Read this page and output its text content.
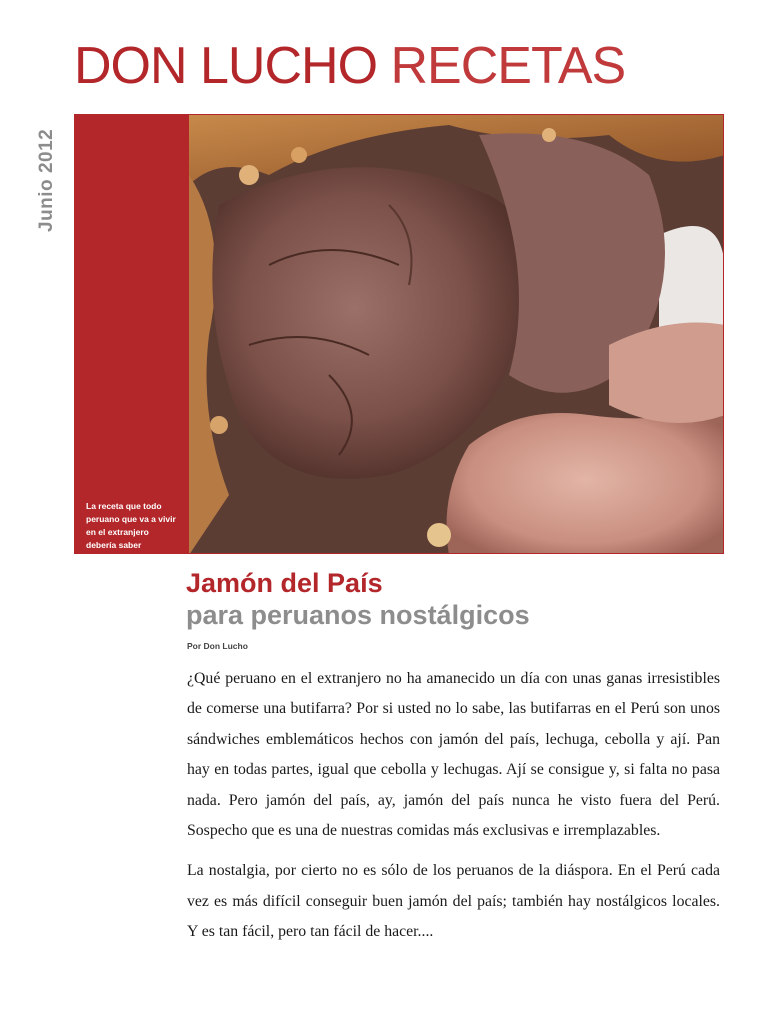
DON LUCHO RECETAS
Junio 2012
La receta que todo peruano que va a vivir en el extranjero debería saber
Jamón del País
para peruanos nostálgicos
Por Don Lucho

¿Qué peruano en el extranjero no ha amanecido un día con unas ganas irresistibles de comerse una butifarra? Por si usted no lo sabe, las butifarras en el Perú son unos sándwiches emblemáticos hechos con jamón del país, lechuga, cebolla y ají. Pan hay en todas partes, igual que cebolla y lechugas. Ají se consigue y, si falta no pasa nada. Pero jamón del país, ay, jamón del país nunca he visto fuera del Perú. Sospecho que es una de nuestras comidas más exclusivas e irremplazables.

La nostalgia, por cierto no es sólo de los peruanos de la diáspora. En el Perú cada vez es más difícil conseguir buen jamón del país; también hay nostálgicos locales. Y es tan fácil, pero tan fácil de hacer....
